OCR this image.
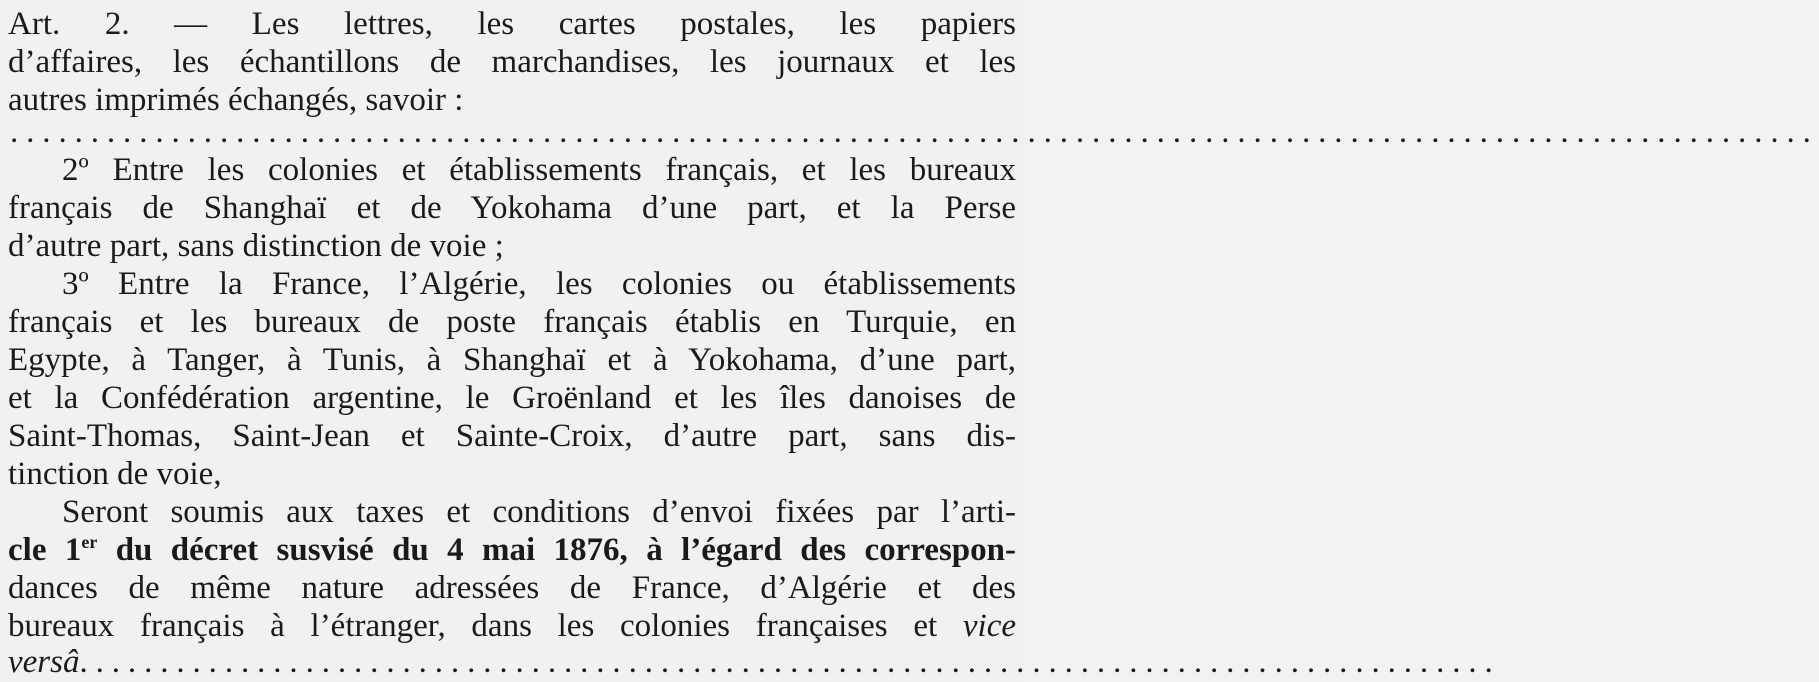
Art. 2. — Les lettres, les cartes postales, les papiers
d’affaires, les échantillons de marchandises, les journaux et les
autres imprimés échangés, savoir :
................................................................................................................
2º Entre les colonies et établissements français, et les bureaux
français de Shanghaï et de Yokohama d’une part, et la Perse
d’autre part, sans distinction de voie ;
3º Entre la France, l’Algérie, les colonies ou établissements
français et les bureaux de poste français établis en Turquie, en
Egypte, à Tanger, à Tunis, à Shanghaï et à Yokohama, d’une part,
et la Confédération argentine, le Groënland et les îles danoises de
Saint-Thomas, Saint-Jean et Sainte-Croix, d’autre part, sans dis-
tinction de voie,
Seront soumis aux taxes et conditions d’envoi fixées par l’arti-
cle 1er du décret susvisé du 4 mai 1876, à l’égard des correspon-
dances de même nature adressées de France, d’Algérie et des
bureaux français à l’étranger, dans les colonies françaises et vice
versâ........................................................................................
